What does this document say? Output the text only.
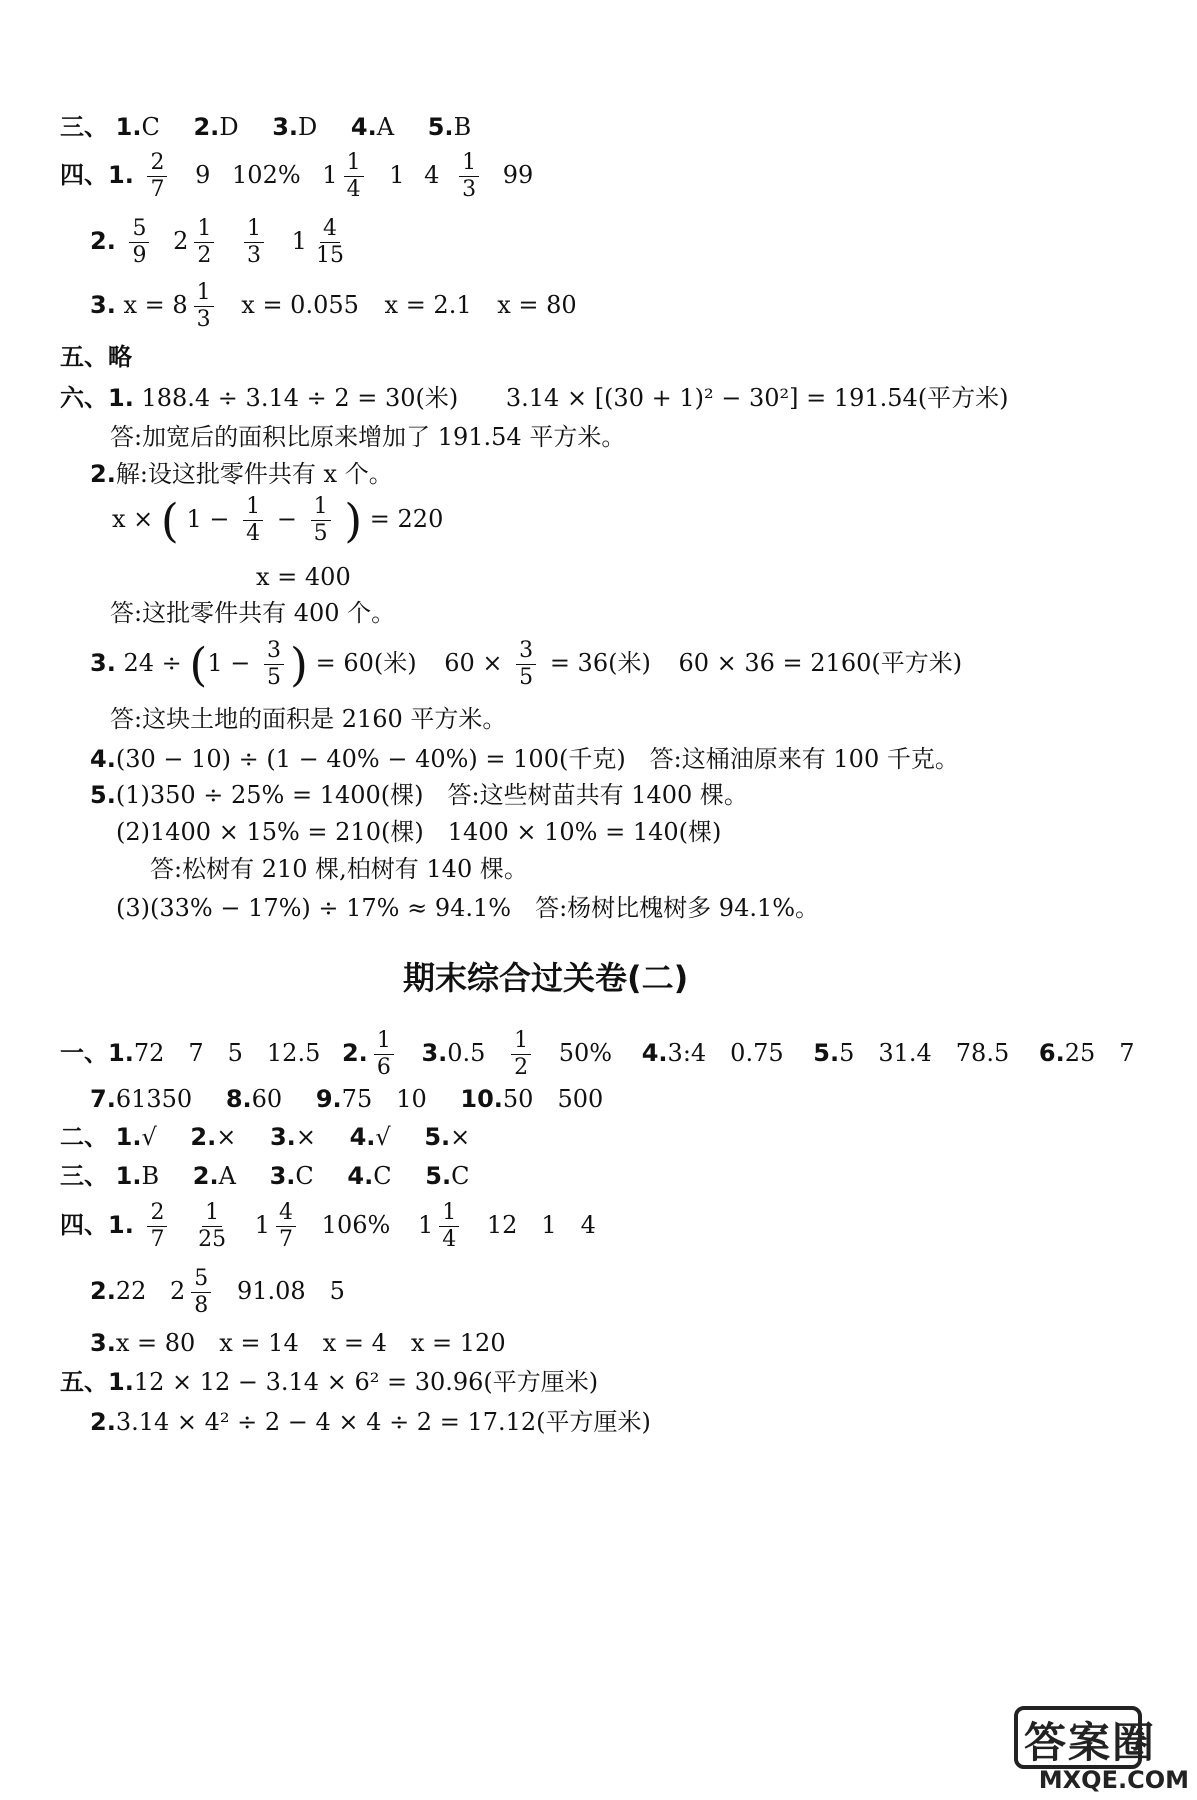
三、 1.C 2.D 3.D 4.A 5.B
四、1. $\frac{2}{7} 9$ 102% $1 \frac{1}{4} 1$ $4 \frac{1}{3} 99$
2. $\frac{5}{9} 2 \frac{1}{2}$
$\frac{1}{3} 1 \frac{4}{15}$
3. $x = 8 \frac{1}{3}$ x = 0.055 x = 2.1 x = 80
五、略
六、1. 188.4 ÷ 3.14 ÷ 2 = 30(米) 3.14 × [(30 + 1)² − 30²] = 191.54(平方米)
答:加宽后的面积比原来增加了 191.54 平方米。
2.解:设这批零件共有 x 个。
x × ( $1 - \frac{1}{4} - \frac{1}{5}$ ) = 220
x = 400
答:这批零件共有 400 个。
3. $24 \div (1 - \frac{3}{5}$ ) = 60(米) $60 \times \frac{3}{5} = 36$(米) 60 × 36 = 2160(平方米)
答:这块土地的面积是 2160 平方米。
4.(30 − 10) ÷ (1 − 40% − 40%) = 100(千克)　答:这桶油原来有 100 千克。
5.(1)350 ÷ 25% = 1400(棵)　答:这些树苗共有 1400 棵。
(2)1400 × 15% = 210(棵)　1400 × 10% = 140(棵)
答:松树有 210 棵,柏树有 140 棵。
(3)(33% − 17%) ÷ 17% ≈ 94.1%　答:杨树比槐树多 94.1%。
期末综合过关卷(二)
一、1.72　7　5　12.5 2. $\frac{1}{6} 3.0.5 \frac{1}{2} 50\%$ 4.3:4　0.75 5.5　31.4　78.5 6.25　7
7.61350 8.60 9.75　10 10.50　500
二、 1.√ 2.× 3.× 4.√ 5.×
三、 1.B 2.A 3.C 4.C 5.C
四、1. $\frac{2}{7}$
$\frac{1}{25} 1 \frac{4}{7} 106\%$ $1 \frac{1}{4} 12$　1　4
2.22 $2 \frac{5}{8} 91.08$　5
3.x = 80　x = 14　x = 4　x = 120
五、1.12 × 12 − 3.14 × 6² = 30.96(平方厘米)
2.3.14 × 4² ÷ 2 − 4 × 4 ÷ 2 = 17.12(平方厘米)
答案圈
MXQE.COM
